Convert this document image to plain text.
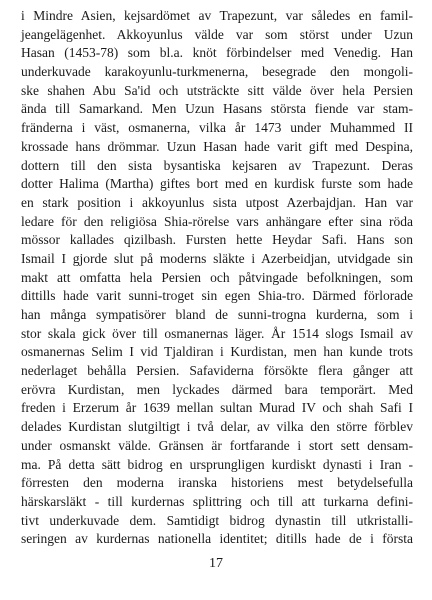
i Mindre Asien, kejsardömet av Trapezunt, var således en famil-
jeangelägenhet. Akkoyunlus välde var som störst under Uzun
Hasan (1453-78) som bl.a. knöt förbindelser med Venedig. Han
underkuvade karakoyunlu-turkmenerna, besegrade den mongoli-
ske shahen Abu Sa'id och utsträckte sitt välde över hela Persien
ända till Samarkand. Men Uzun Hasans största fiende var stam-
fränderna i väst, osmanerna, vilka år 1473 under Muhammed II
krossade hans drömmar. Uzun Hasan hade varit gift med Despina,
dottern till den sista bysantiska kejsaren av Trapezunt. Deras
dotter Halima (Martha) giftes bort med en kurdisk furste som hade
en stark position i akkoyunlus sista utpost Azerbajdjan. Han var
ledare för den religiösa Shia-rörelse vars anhängare efter sina röda
mössor kallades qizilbash. Fursten hette Heydar Safi. Hans son
Ismail I gjorde slut på moderns släkte i Azerbeidjan, utvidgade sin
makt att omfatta hela Persien och påtvingade befolkningen, som
dittills hade varit sunni-troget sin egen Shia-tro. Därmed förlorade
han många sympatisörer bland de sunni-trogna kurderna, som i
stor skala gick över till osmanernas läger. År 1514 slogs Ismail av
osmanernas Selim I vid Tjaldiran i Kurdistan, men han kunde trots
nederlaget behålla Persien. Safaviderna försökte flera gånger att
erövra Kurdistan, men lyckades därmed bara temporärt. Med
freden i Erzerum år 1639 mellan sultan Murad IV och shah Safi I
delades Kurdistan slutgiltigt i två delar, av vilka den större förblev
under osmanskt välde. Gränsen är fortfarande i stort sett densam-
ma. På detta sätt bidrog en ursprungligen kurdiskt dynasti i Iran -
förresten den moderna iranska historiens mest betydelsefulla
härskarsläkt - till kurdernas splittring och till att turkarna defini-
tivt underkuvade dem. Samtidigt bidrog dynastin till utkristalli-
seringen av kurdernas nationella identitet; ditills hade de i första
17
